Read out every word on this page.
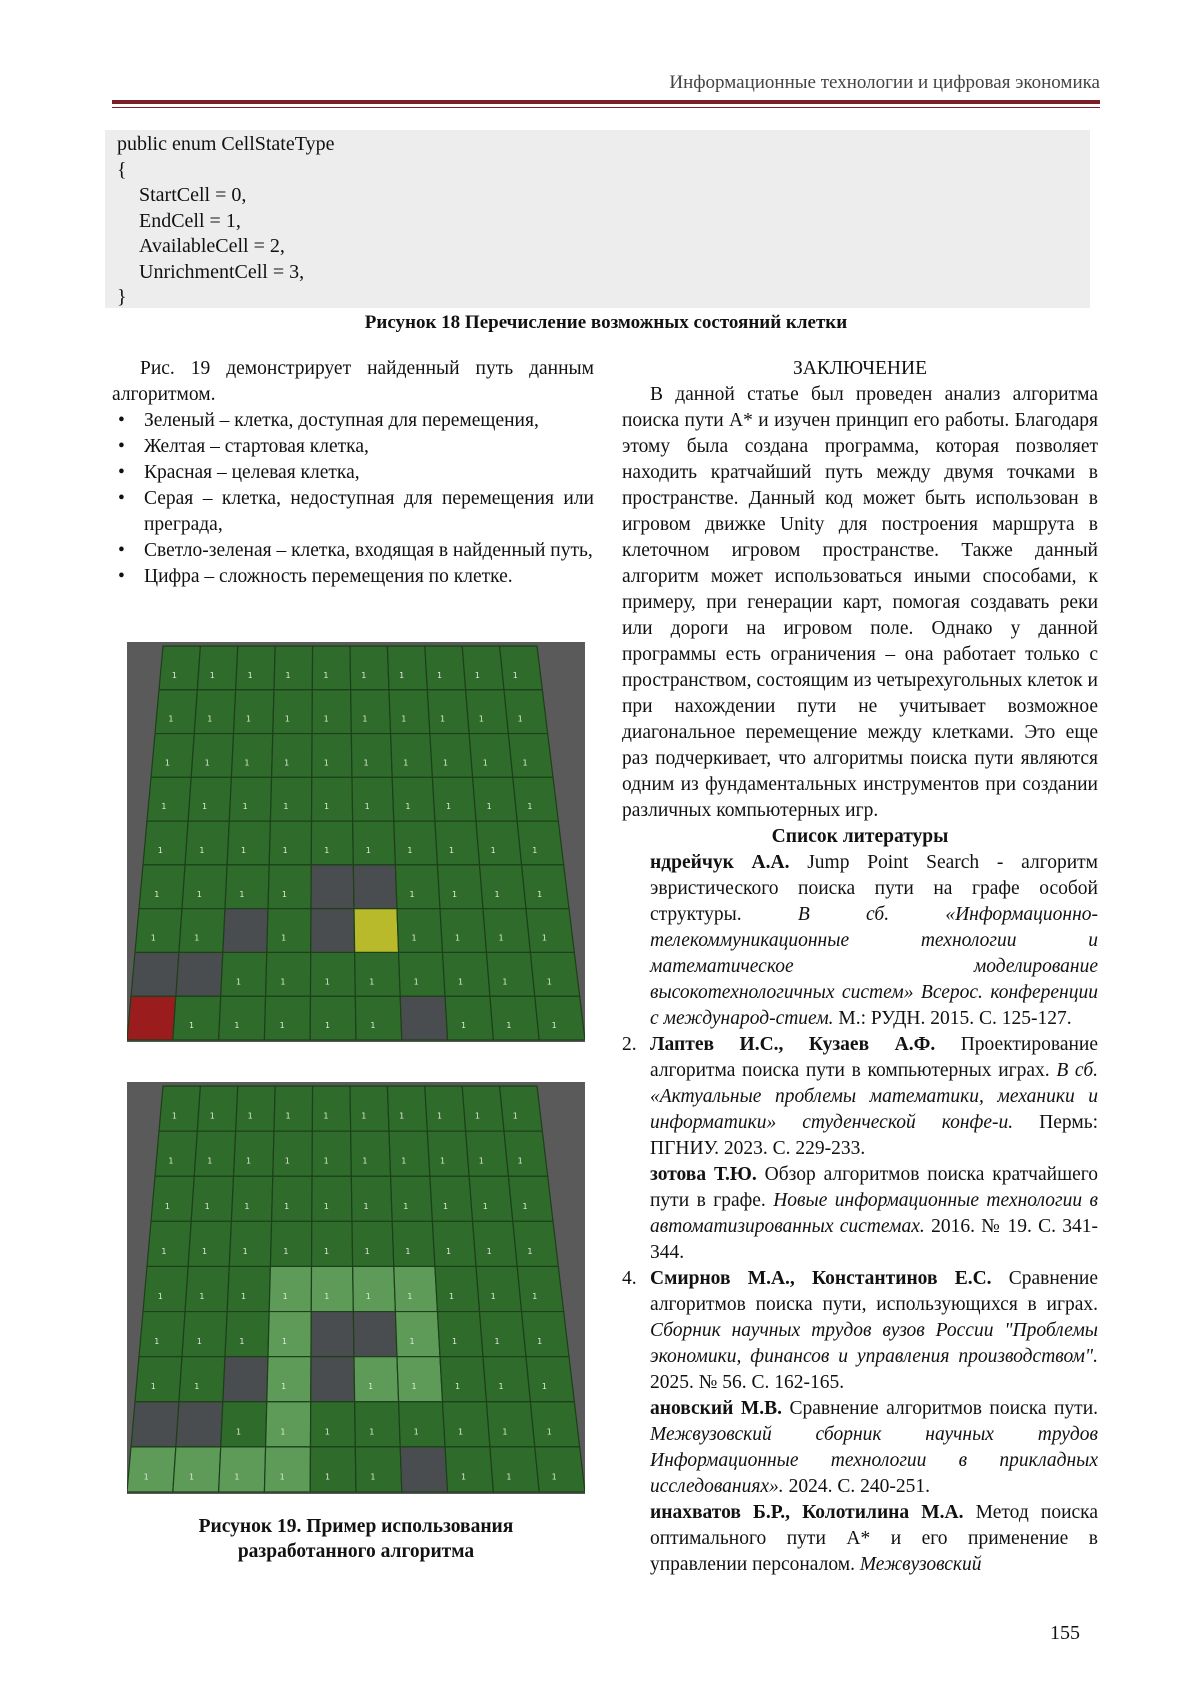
Информационные технологии и цифровая экономика
public enum CellStateType
{
StartCell = 0,
EndCell = 1,
AvailableCell = 2,
UnrichmentCell = 3,
}
Рисунок 18 Перечисление возможных состояний клетки

Рис. 19 демонстрирует найденный путь данным алгоритмом.

• Зеленый – клетка, доступная для перемещения,
• Желтая – стартовая клетка,
• Красная – целевая клетка,
• Серая – клетка, недоступная для перемещения или преграда,
• Светло-зеленая – клетка, входящая в найденный путь,
• Цифра – сложность перемещения по клетке.
1	1	1	1	1	1	1	1	1	1
1	1	1	1	1	1	1	1	1	1
1	1	1	1	1	1	1	1	1	1
1	1	1	1	1	1	1	1	1	1
1	1	1	1	1	1	1	1	1	1
1	1	1	1	1	1	1	1
1	1	1	1	1	1	1
1	1	1	1	1	1	1	1
1	1	1	1	1	1	1	1
1	1	1	1	1	1	1	1	1	1
1	1	1	1	1	1	1	1	1	1
1	1	1	1	1	1	1	1	1	1
1	1	1	1	1	1	1	1	1	1
1	1	1	1	1	1	1	1	1	1
1	1	1	1	1	1	1	1
1	1	1	1	1	1	1	1
1	1	1	1	1	1	1	1
1	1	1	1	1	1	1	1	1
Рисунок 19. Пример использования
разработанного алгоритма
ЗАКЛЮЧЕНИЕ

В данной статье был проведен анализ алгоритма поиска пути A* и изучен принцип его работы. Благодаря этому была создана программа, которая позволяет находить кратчайший путь между двумя точками в пространстве. Данный код может быть использован в игровом движке Unity для построения маршрута в клеточном игровом пространстве. Также данный алгоритм может использоваться иными способами, к примеру, при генерации карт, помогая создавать реки или дороги на игровом поле. Однако у данной программы есть ограничения – она работает только с пространством, состоящим из четырехугольных клеток и при нахождении пути не учитывает возможное диагональное перемещение между клетками. Это еще раз подчеркивает, что алгоритмы поиска пути являются одним из фундаментальных инструментов при создании различных компьютерных игр.

Список литературы
ндрейчук А.А. Jump Point Search - алгоритм эвристического поиска пути на графе особой структуры. В сб. «Информационно-телекоммуникационные технологии и математическое моделирование высокотехнологичных систем» Всерос. конференции с международ-стием. М.: РУДН. 2015. С. 125-127.
2. Лаптев И.С., Кузаев А.Ф. Проектирование алгоритма поиска пути в компьютерных играх. В сб. «Актуальные проблемы математики, механики и информатики» студенческой конфе-и. Пермь: ПГНИУ. 2023. С. 229-233.
зотова Т.Ю. Обзор алгоритмов поиска кратчайшего пути в графе. Новые информационные технологии в автоматизированных системах. 2016. № 19. С. 341-344.
4. Смирнов М.А., Константинов Е.С. Сравнение алгоритмов поиска пути, использующихся в играх. Сборник научных трудов вузов России "Проблемы экономики, финансов и управления производством". 2025. № 56. С. 162-165.
ановский М.В. Сравнение алгоритмов поиска пути. Межвузовский сборник научных трудов Информационные технологии в прикладных исследованиях». 2024. С. 240-251.
инахватов Б.Р., Колотилина М.А. Метод поиска оптимального пути A* и его применение в управлении персоналом. Межвузовский
155
